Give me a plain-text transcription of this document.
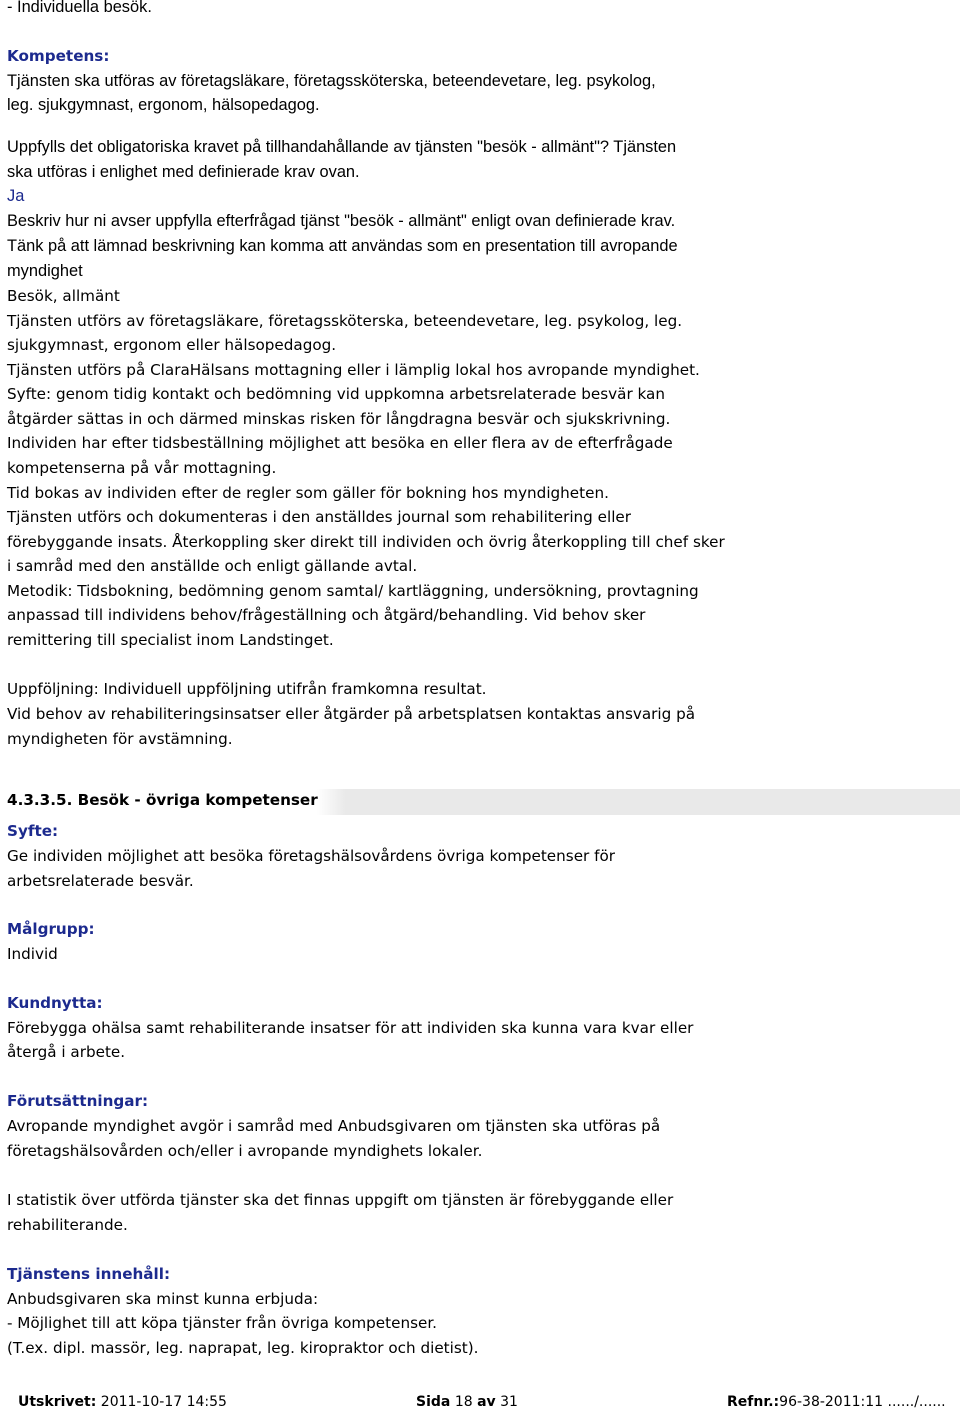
- Individuella besök.
Kompetens:
Tjänsten ska utföras av företagsläkare, företagssköterska, beteendevetare, leg. psykolog,
leg. sjukgymnast, ergonom, hälsopedagog.
Uppfylls det obligatoriska kravet på tillhandahållande av tjänsten "besök - allmänt"? Tjänsten
ska utföras i enlighet med definierade krav ovan.
Ja
Beskriv hur ni avser uppfylla efterfrågad tjänst "besök - allmänt" enligt ovan definierade krav.
Tänk på att lämnad beskrivning kan komma att användas som en presentation till avropande
myndighet
Besök, allmänt
Tjänsten utförs av företagsläkare, företagssköterska, beteendevetare, leg. psykolog, leg.
sjukgymnast, ergonom eller hälsopedagog.
Tjänsten utförs på ClaraHälsans mottagning eller i lämplig lokal hos avropande myndighet.
Syfte: genom tidig kontakt och bedömning vid uppkomna arbetsrelaterade besvär kan
åtgärder sättas in och därmed minskas risken för långdragna besvär och sjukskrivning.
Individen har efter tidsbeställning möjlighet att besöka en eller flera av de efterfrågade
kompetenserna på vår mottagning.
Tid bokas av individen efter de regler som gäller för bokning hos myndigheten.
Tjänsten utförs och dokumenteras i den anställdes journal som rehabilitering eller
förebyggande insats. Återkoppling sker direkt till individen och övrig återkoppling till chef sker
i samråd med den anställde och enligt gällande avtal.
Metodik: Tidsbokning, bedömning genom samtal/ kartläggning, undersökning, provtagning
anpassad till individens behov/frågeställning och åtgärd/behandling. Vid behov sker
remittering till specialist inom Landstinget.
Uppföljning: Individuell uppföljning utifrån framkomna resultat.
Vid behov av rehabiliteringsinsatser eller åtgärder på arbetsplatsen kontaktas ansvarig på
myndigheten för avstämning.
4.3.3.5. Besök - övriga kompetenser
Syfte:
Ge individen möjlighet att besöka företagshälsovårdens övriga kompetenser för
arbetsrelaterade besvär.
Målgrupp:
Individ
Kundnytta:
Förebygga ohälsa samt rehabiliterande insatser för att individen ska kunna vara kvar eller
återgå i arbete.
Förutsättningar:
Avropande myndighet avgör i samråd med Anbudsgivaren om tjänsten ska utföras på
företagshälsovården och/eller i avropande myndighets lokaler.
I statistik över utförda tjänster ska det finnas uppgift om tjänsten är förebyggande eller
rehabiliterande.
Tjänstens innehåll:
Anbudsgivaren ska minst kunna erbjuda:
- Möjlighet till att köpa tjänster från övriga kompetenser.
(T.ex. dipl. massör, leg. naprapat, leg. kiropraktor och dietist).
Utskrivet: 2011-10-17 14:55	Sida 18 av 31	Refnr.:96-38-2011:11 ....../......
